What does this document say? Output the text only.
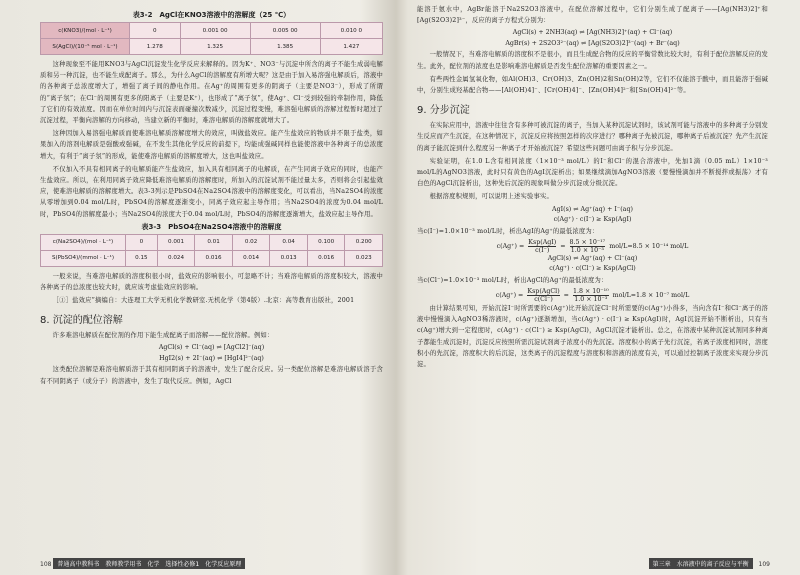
表3-2　AgCl在KNO3溶液中的溶解度（25 ℃）
c(KNO3)/(mol · L⁻¹)	0	0.001 00	0.005 00	0.010 0
S(AgCl)/(10⁻⁵ mol · L⁻¹)	1.278	1.325	1.385	1.427

这种现象至不能用KNO3与AgCl沉淀发生化学反应来解释的。因为K⁺、NO3⁻与沉淀中所含的离子不能生成弱电解质和另一种沉淀，也不能生成配离子。那么，为什么AgCl的溶解度有所增大呢？这是由于加入易溶强电解质后，溶液中的各种离子总浓度增大了，增强了离子间的静电作用。在Ag⁺的周围有更多的阴离子（主要是NO3⁻），形成了所谓的“离子氛”；在Cl⁻的周围有更多的阳离子（主要是K⁺），也形成了“离子氛”，使Ag⁺、Cl⁻受到较强的牵制作用，降低了它们的有效浓度。因而在单位时间内与沉淀表面碰撞次数减少，沉淀过程变慢，难溶强电解质的溶解过程暂时超过了沉淀过程，平衡向溶解的方向移动，当建立新的平衡时，难溶电解质的溶解度就增大了。

这种因加入易溶强电解质而使难溶电解质溶解度增大的效应，叫做盐效应。能产生盐效应的物质并不限于盐类，如果加入的溶剂电解质是强酸或强碱，在不发生其他化学反应的前提下，均能成强碱同样也能使溶液中各种离子的总浓度增大，有利于“离子氛”的形成，能使难溶电解质的溶解度增大，这也叫盐效应。

不仅加入不具有相同离子的电解质能产生盐效应，加入具有相同离子的电解质，在产生同离子效应的同时，也能产生盐效应。所以，在利用同离子效应降低难溶电解质的溶解度时，所加入的沉淀试剂不能过量太多，否则将会引起盐效应，使难溶电解质的溶解度增大。表3-3列示是PbSO4在Na2SO4溶液中的溶解度变化，可以看出，当Na2SO4的浓度从零增加到0.04 mol/L时，PbSO4的溶解度逐渐变小，同离子效应起主导作用；当Na2SO4的浓度为0.04 mol/L时，PbSO4的溶解度最小；当Na2SO4的浓度大于0.04 mol/L时，PbSO4的溶解度逐渐增大，盐效应起主导作用。

表3-3　PbSO4在Na2SO4溶液中的溶解度
c(Na2SO4)/(mol · L⁻¹)	0	0.001	0.01	0.02	0.04	0.100	0.200
S(PbSO4)/(mmol · L⁻¹)	0.15	0.024	0.016	0.014	0.013	0.016	0.023

一般来说，当难溶电解质的溶度积很小时，盐效应的影响很小，可忽略不计；当难溶电解质的溶度积较大，溶液中各种离子的总浓度也较大时，就应该考虑盐效应的影响。

［①］盐效应”摘编自：大连理工大学无机化学教研室.无机化学（第4版）.北京：高等教育出版社，2001

8. 沉淀的配位溶解

许多难溶电解质在配位剂的作用下能生成配离子而溶解——配位溶解。例如：

AgCl(s) + Cl⁻(aq) ⇌ [AgCl2]⁻(aq)
HgI2(s) + 2I⁻(aq) ⇌ [HgI4]²⁻(aq)

这类配位溶解是难溶电解质溶于其有相同阴离子的溶液中，发生了配合反应。另一类配位溶解是难溶电解质溶于含有不同阴离子（或分子）的溶液中，发生了取代反应。例如，AgCl

108 普通高中教科书　教师教学用书　化学　选择性必修1　化学反应原理

能溶于氨水中，AgBr能溶于Na2S2O3溶液中，在配位溶解过程中，它们分别生成了配离子——[Ag(NH3)2]⁺和[Ag(S2O3)2]³⁻，反应的离子方程式分别为：

AgCl(s) + 2NH3(aq) ⇌ [Ag(NH3)2]⁺(aq) + Cl⁻(aq)
AgBr(s) + 2S2O3²⁻(aq) ⇌ [Ag(S2O3)2]³⁻(aq) + Br⁻(aq)

一般情况下，当难溶电解质的溶度积不是很小，而且生成配合物的反应的平衡常数比较大时，有利于配位溶解反应的发生。此外，配位剂的浓度也是影响难溶电解质是否发生配位溶解的重要因素之一。

有些两性金属氢氧化物，如Al(OH)3、Cr(OH)3、Zn(OH)2和Sn(OH)2等，它们不仅能溶于酸中，而且能溶于强碱中，分别生成羟基配合物——[Al(OH)4]⁻、[Cr(OH)4]⁻、[Zn(OH)4]²⁻和[Sn(OH)4]²⁻等。

9. 分步沉淀

在实际应用中，溶液中往往含有多种可被沉淀的离子，当加入某种沉淀试剂时，该试剂可能与溶液中的多种离子分别发生反应而产生沉淀，在这种情况下，沉淀反应将按照怎样的次序进行？哪种离子先被沉淀，哪种离子后被沉淀？先产生沉淀的离子能沉淀到什么程度另一种离子才开始被沉淀？希望这些问题可由离子积与分步沉淀。

实验证明，在1.0 L含有相同浓度（1×10⁻³ mol/L）的I⁻和Cl⁻的混合溶液中，先加1滴（0.05 mL）1×10⁻³ mol/L的AgNO3溶液，此时只有黄色的AgI沉淀析出；如果继续滴加AgNO3溶液（要慢慢滴加并不断搅拌或振荡）才有白色的AgCl沉淀析出，这种先后沉淀的现象叫做分步沉淀或分级沉淀。

根据溶度积规则，可以说明上述实验事实。

AgI(s) ⇌ Ag⁺(aq) + I⁻(aq)
c(Ag⁺) · c(I⁻) ≥ Ksp(AgI)

当c(I⁻)=1.0×10⁻³ mol/L时，析出AgI的Ag⁺的最低浓度为：

$c(Ag^+) = \frac{\text{Ksp(AgI)}}{c(I^-)} = \frac{\text{8.5 × 10⁻¹⁷}}{\text{1.0 × 10⁻³}} mol/L=8.5 \times 10^{-14}$ mol/L
AgCl(s) ⇌ Ag⁺(aq) + Cl⁻(aq)
c(Ag⁺) · c(Cl⁻) ≥ Ksp(AgCl)

当c(Cl⁻)=1.0×10⁻³ mol/L时，析出AgCl的Ag⁺的最低浓度为：

$c(Ag^+) = \frac{\text{Ksp(AgCl)}}{c(Cl^-)} = \frac{\text{1.8 × 10⁻¹⁰}}{\text{1.0 × 10⁻³}} mol/L=1.8 \times 10^{-7}$ mol/L

由计算结果可知，开始沉淀I⁻时所需要的c(Ag⁺)比开始沉淀Cl⁻时所需要的c(Ag⁺)小得多，当向含有I⁻和Cl⁻离子的溶液中慢慢滴入AgNO3稀溶液时，c(Ag⁺)逐渐增加，当c(Ag⁺) · c(I⁻) ≥ Ksp(AgI)时，AgI沉淀开始不断析出，只有当c(Ag⁺)增大到一定程度时，c(Ag⁺) · c(Cl⁻) ≥ Ksp(AgCl)，AgCl沉淀才能析出。总之，在溶液中某种沉淀试剂同多种离子都能生成沉淀时，沉淀反应按照所需沉淀试剂离子浓度小的先沉淀。溶度积小的离子先行沉淀，若离子浓度相同时，溶度积小的先沉淀，溶度积大的后沉淀，这类离子的沉淀程度与溶度积和溶液的浓度有关，可以通过控制离子浓度来实现分步沉淀。

第三章　水溶液中的离子反应与平衡 109
